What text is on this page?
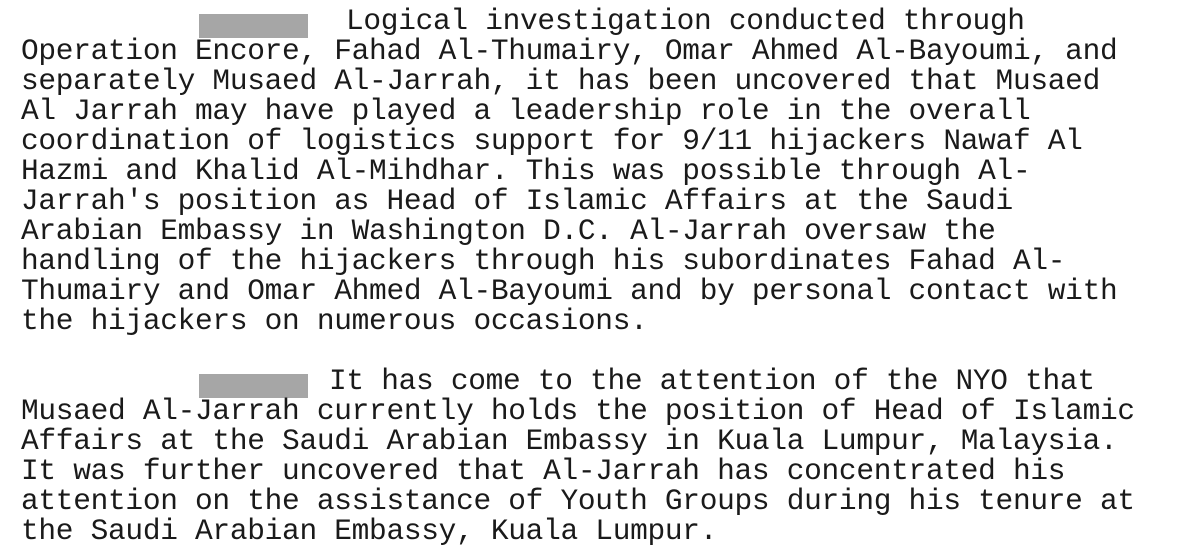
Logical investigation conducted through
Operation Encore, Fahad Al-Thumairy, Omar Ahmed Al-Bayoumi, and
separately Musaed Al-Jarrah, it has been uncovered that Musaed
Al Jarrah may have played a leadership role in the overall
coordination of logistics support for 9/11 hijackers Nawaf Al
Hazmi and Khalid Al-Mihdhar. This was possible through Al-
Jarrah's position as Head of Islamic Affairs at the Saudi
Arabian Embassy in Washington D.C. Al-Jarrah oversaw the
handling of the hijackers through his subordinates Fahad Al-
Thumairy and Omar Ahmed Al-Bayoumi and by personal contact with
the hijackers on numerous occasions.
It has come to the attention of the NYO that
Musaed Al-Jarrah currently holds the position of Head of Islamic
Affairs at the Saudi Arabian Embassy in Kuala Lumpur, Malaysia.
It was further uncovered that Al-Jarrah has concentrated his
attention on the assistance of Youth Groups during his tenure at
the Saudi Arabian Embassy, Kuala Lumpur.
